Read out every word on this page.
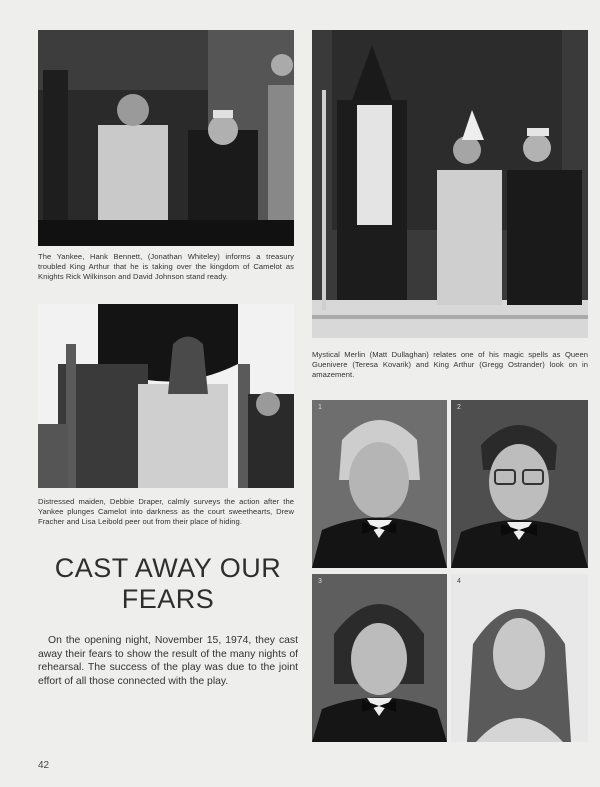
The Yankee, Hank Bennett, (Jonathan Whiteley) informs a treasury troubled King Arthur that he is taking over the kingdom of Camelot as Knights Rick Wilkinson and David Johnson stand ready.
Mystical Merlin (Matt Dullaghan) relates one of his magic spells as Queen Guenivere (Teresa Kovarik) and King Arthur (Gregg Ostrander) look on in amazement.
Distressed maiden, Debbie Draper, calmly surveys the action after the Yankee plunges Camelot into darkness as the court sweethearts, Drew Fracher and Lisa Leibold peer out from their place of hiding.
CAST AWAY OUR
FEARS
On the opening night, November 15, 1974, they cast away their fears to show the result of the many nights of rehearsal. The success of the play was due to the joint effort of all those connected with the play.
1	2
3	4
42
